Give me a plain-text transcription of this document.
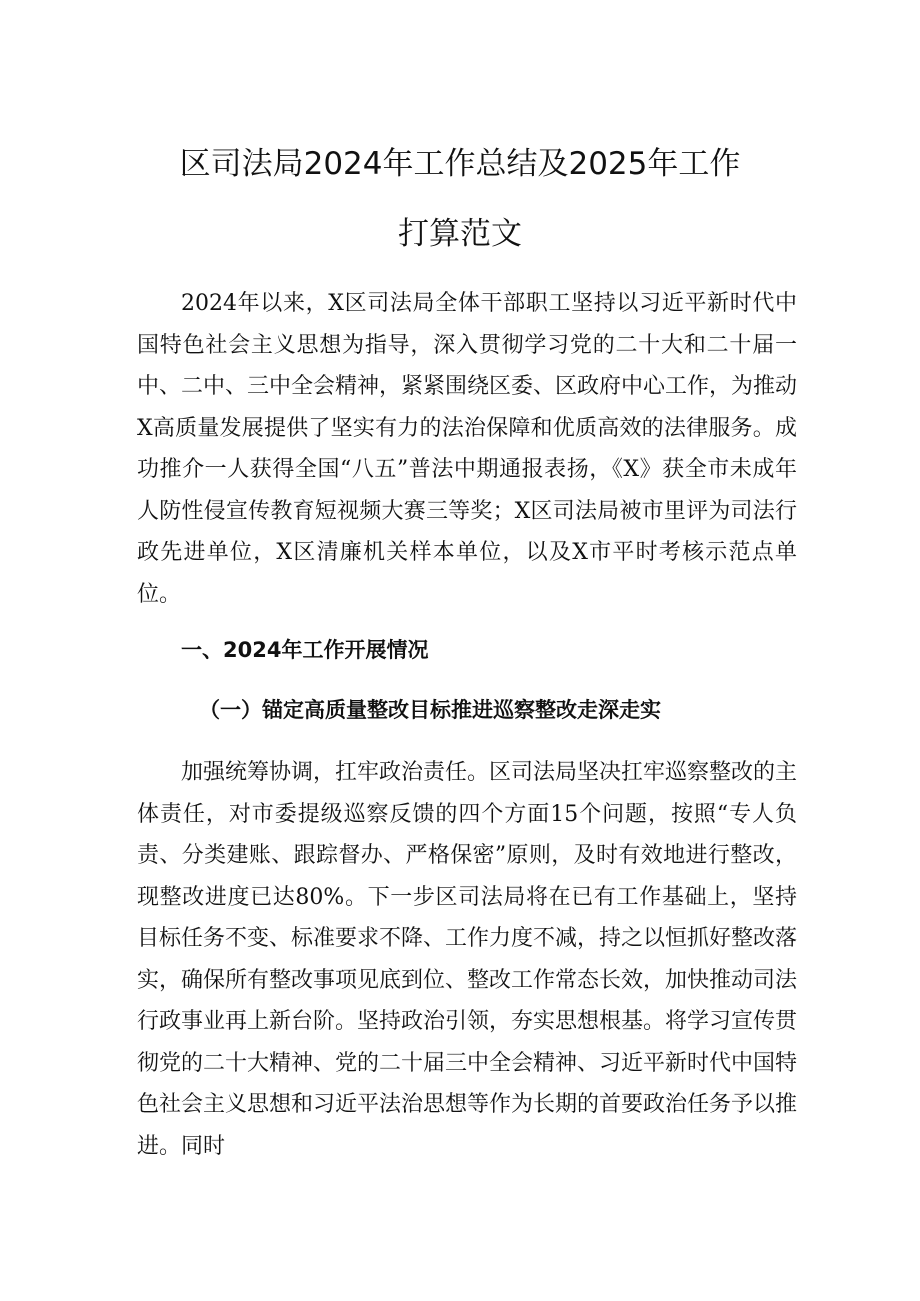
区司法局2024年工作总结及2025年工作
打算范文

2024年以来，X区司法局全体干部职工坚持以习近平新时代中国特色社会主义思想为指导，深入贯彻学习党的二十大和二十届一中、二中、三中全会精神，紧紧围绕区委、区政府中心工作，为推动X高质量发展提供了坚实有力的法治保障和优质高效的法律服务。成功推介一人获得全国“八五”普法中期通报表扬，《X》获全市未成年人防性侵宣传教育短视频大赛三等奖；X区司法局被市里评为司法行政先进单位，X区清廉机关样本单位，以及X市平时考核示范点单位。

一、2024年工作开展情况
（一）锚定高质量整改目标推进巡察整改走深走实

加强统筹协调，扛牢政治责任。区司法局坚决扛牢巡察整改的主体责任，对市委提级巡察反馈的四个方面15个问题，按照“专人负责、分类建账、跟踪督办、严格保密”原则，及时有效地进行整改，现整改进度已达80%。下一步区司法局将在已有工作基础上，坚持目标任务不变、标准要求不降、工作力度不减，持之以恒抓好整改落实，确保所有整改事项见底到位、整改工作常态长效，加快推动司法行政事业再上新台阶。坚持政治引领，夯实思想根基。将学习宣传贯彻党的二十大精神、党的二十届三中全会精神、习近平新时代中国特色社会主义思想和习近平法治思想等作为长期的首要政治任务予以推进。同时
